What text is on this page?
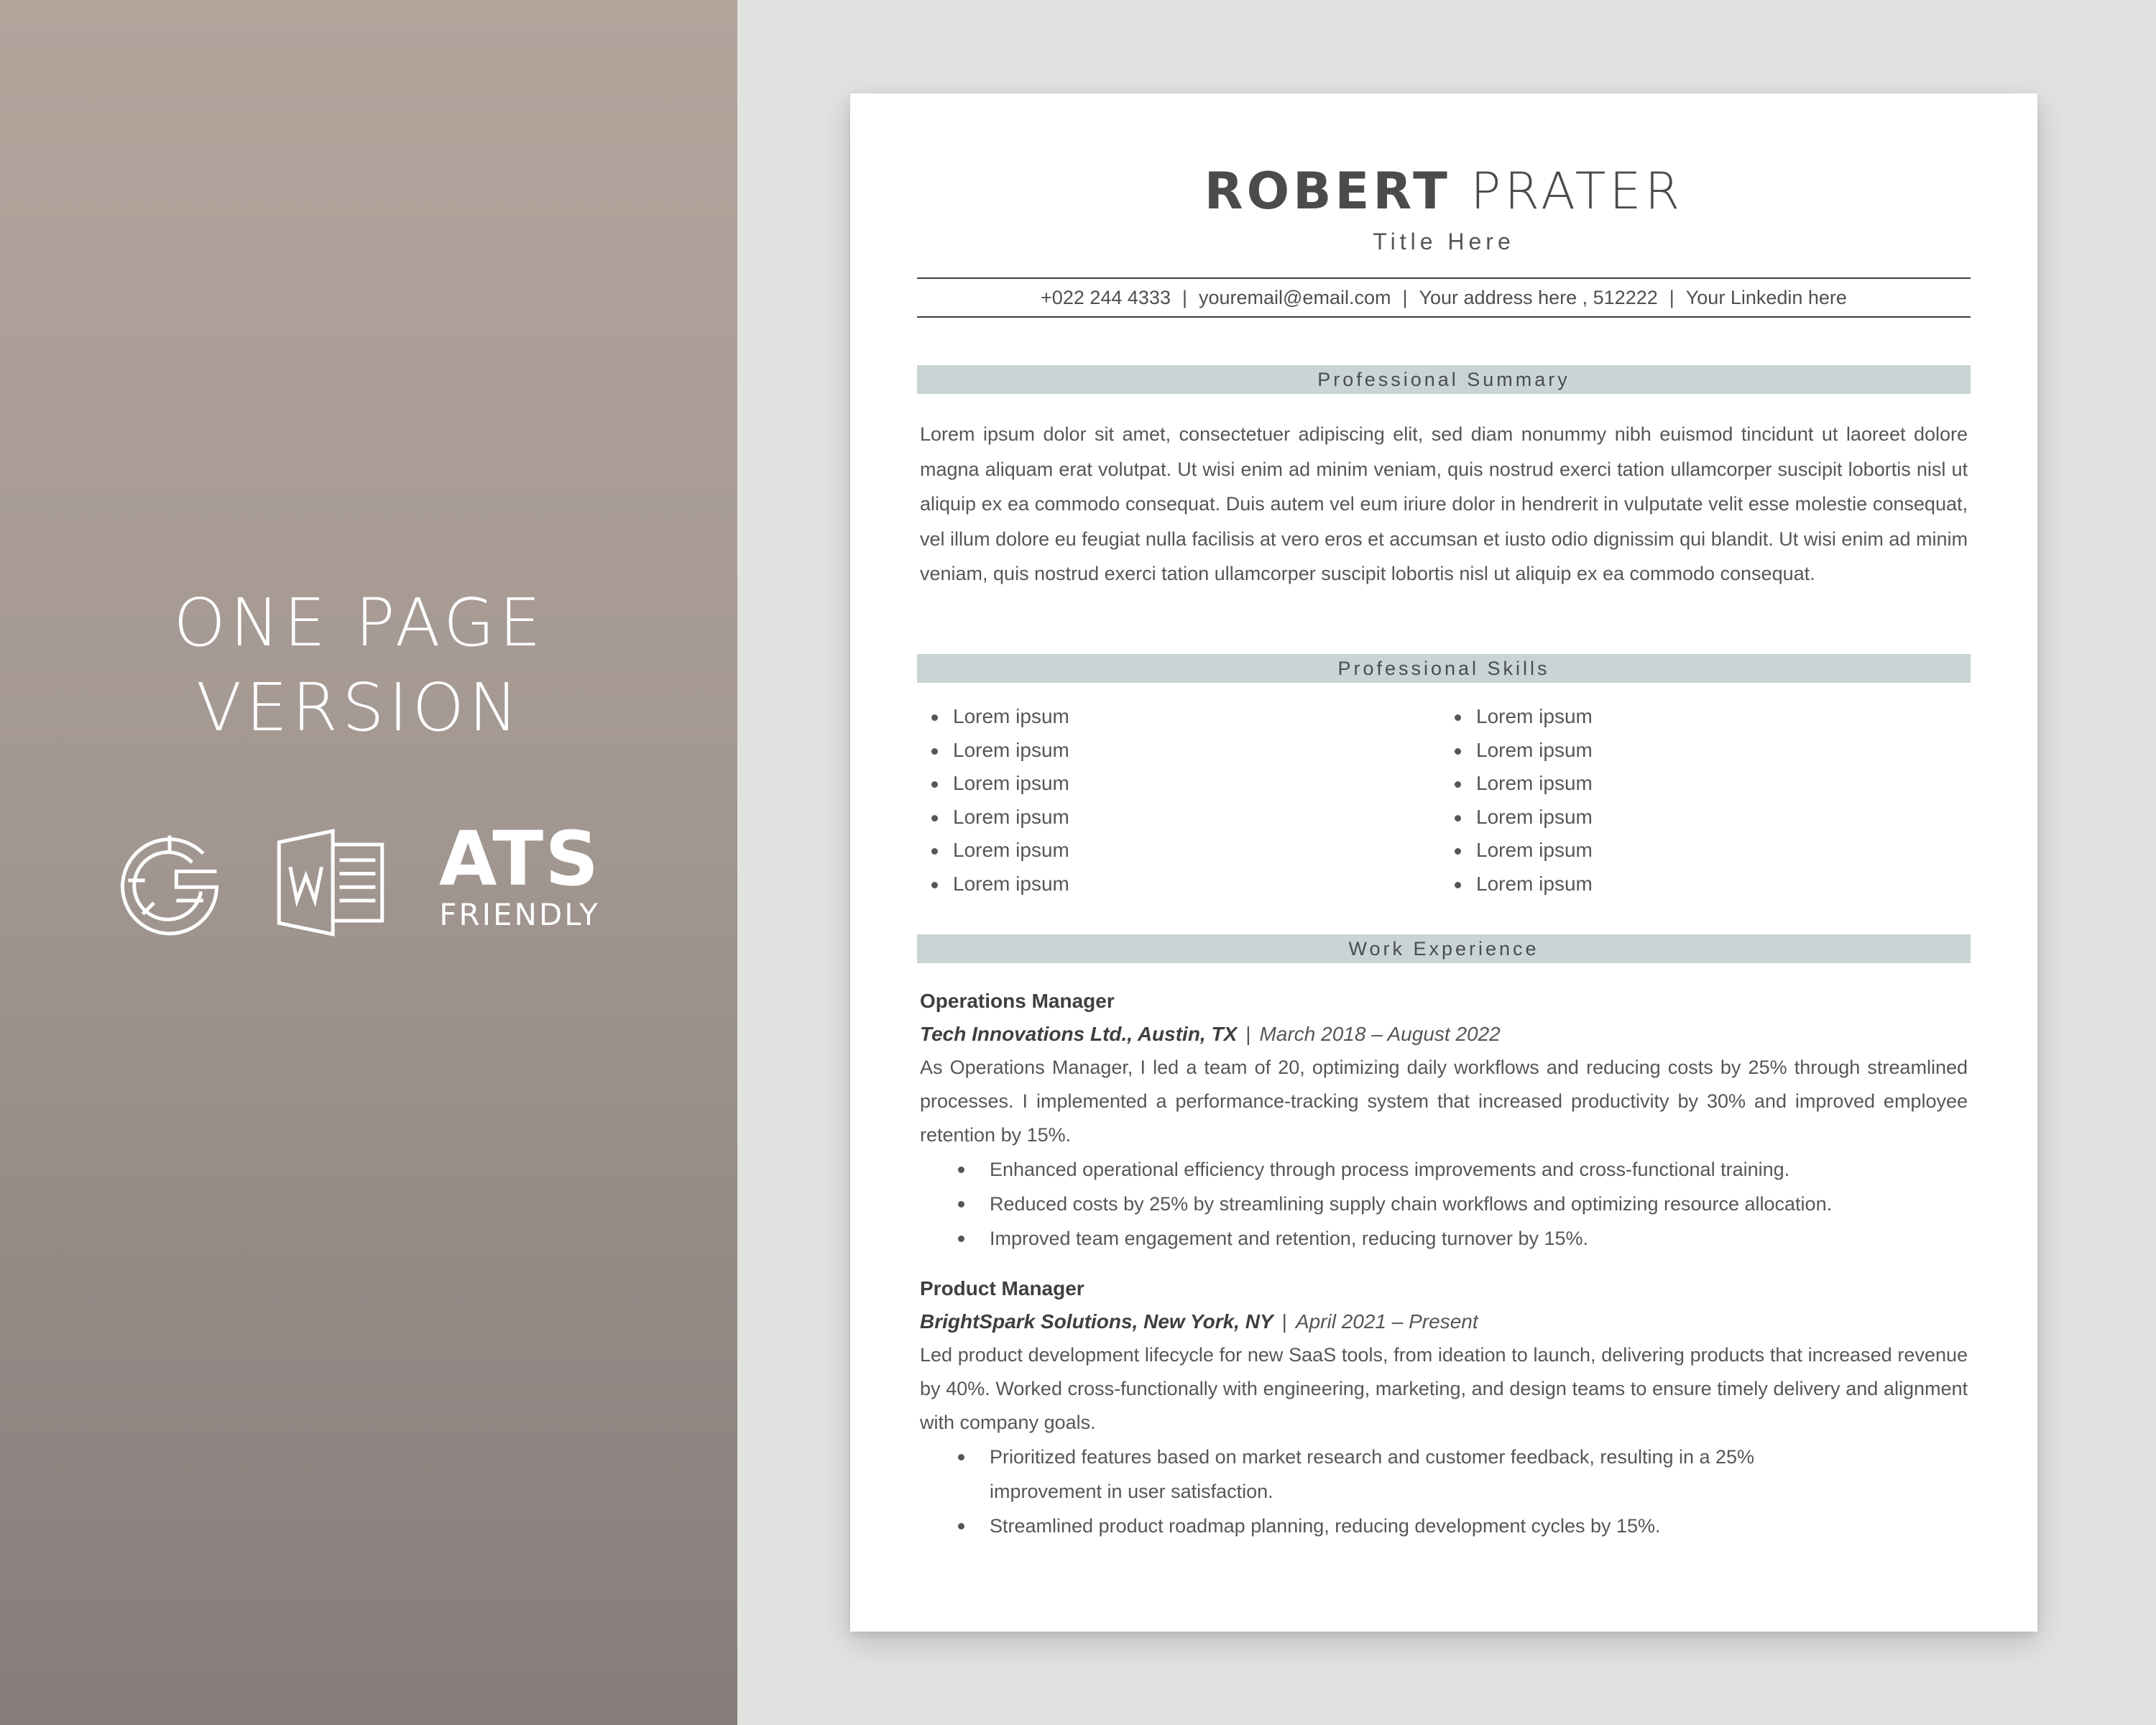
ONE PAGE
VERSION
ATS
FRIENDLY
ROBERT PRATER
Title Here
+022 244 4333 | youremail@email.com | Your address here , 512222 | Your Linkedin here
Professional Summary
Lorem ipsum dolor sit amet, consectetuer adipiscing elit, sed diam nonummy nibh euismod tincidunt ut laoreet dolore magna aliquam erat volutpat. Ut wisi enim ad minim veniam, quis nostrud exerci tation ullamcorper suscipit lobortis nisl ut aliquip ex ea commodo consequat. Duis autem vel eum iriure dolor in hendrerit in vulputate velit esse molestie consequat, vel illum dolore eu feugiat nulla facilisis at vero eros et accumsan et iusto odio dignissim qui blandit. Ut wisi enim ad minim veniam, quis nostrud exerci tation ullamcorper suscipit lobortis nisl ut aliquip ex ea commodo consequat.
Professional Skills
Lorem ipsum
Lorem ipsum
Lorem ipsum
Lorem ipsum
Lorem ipsum
Lorem ipsum
Lorem ipsum
Lorem ipsum
Lorem ipsum
Lorem ipsum
Lorem ipsum
Lorem ipsum
Work Experience
Operations Manager
Tech Innovations Ltd., Austin, TX | March 2018 – August 2022
As Operations Manager, I led a team of 20, optimizing daily workflows and reducing costs by 25% through streamlined processes. I implemented a performance-tracking system that increased productivity by 30% and improved employee retention by 15%.
Enhanced operational efficiency through process improvements and cross-functional training.
Reduced costs by 25% by streamlining supply chain workflows and optimizing resource allocation.
Improved team engagement and retention, reducing turnover by 15%.
Product Manager
BrightSpark Solutions, New York, NY | April 2021 – Present
Led product development lifecycle for new SaaS tools, from ideation to launch, delivering products that increased revenue by 40%. Worked cross-functionally with engineering, marketing, and design teams to ensure timely delivery and alignment with company goals.
Prioritized features based on market research and customer feedback, resulting in a 25% improvement in user satisfaction.
Streamlined product roadmap planning, reducing development cycles by 15%.
